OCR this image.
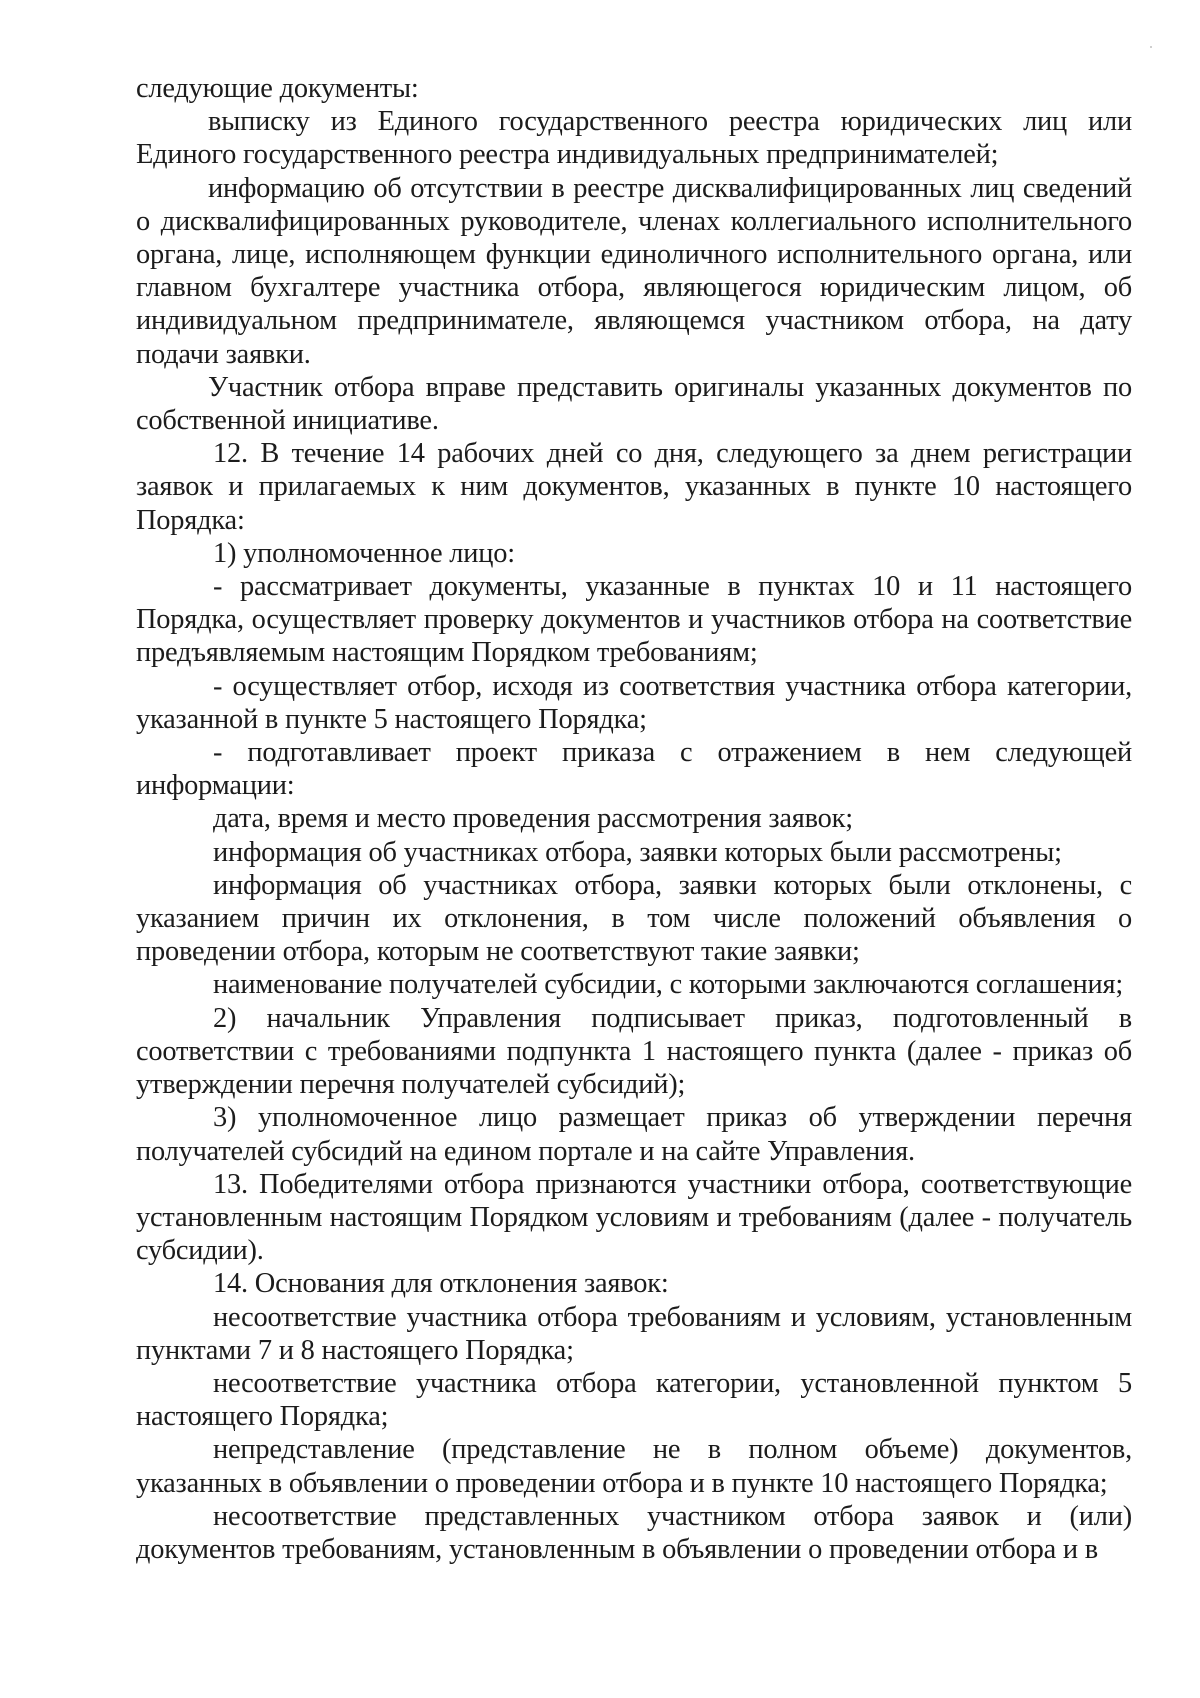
следующие документы:

выписку из Единого государственного реестра юридических лиц или Единого государственного реестра индивидуальных предпринимателей;

информацию об отсутствии в реестре дисквалифицированных лиц сведений о дисквалифицированных руководителе, членах коллегиального исполнительного органа, лице, исполняющем функции единоличного исполнительного органа, или главном бухгалтере участника отбора, являющегося юридическим лицом, об индивидуальном предпринимателе, являющемся участником отбора, на дату подачи заявки.

Участник отбора вправе представить оригиналы указанных документов по собственной инициативе.

12. В течение 14 рабочих дней со дня, следующего за днем регистрации заявок и прилагаемых к ним документов, указанных в пункте 10 настоящего Порядка:

1) уполномоченное лицо:

- рассматривает документы, указанные в пунктах 10 и 11 настоящего Порядка, осуществляет проверку документов и участников отбора на соответствие предъявляемым настоящим Порядком требованиям;

- осуществляет отбор, исходя из соответствия участника отбора категории, указанной в пункте 5 настоящего Порядка;

- подготавливает проект приказа с отражением в нем следующей информации:

дата, время и место проведения рассмотрения заявок;

информация об участниках отбора, заявки которых были рассмотрены;

информация об участниках отбора, заявки которых были отклонены, с указанием причин их отклонения, в том числе положений объявления о проведении отбора, которым не соответствуют такие заявки;

наименование получателей субсидии, с которыми заключаются соглашения;

2) начальник Управления подписывает приказ, подготовленный в соответствии с требованиями подпункта 1 настоящего пункта (далее - приказ об утверждении перечня получателей субсидий);

3) уполномоченное лицо размещает приказ об утверждении перечня получателей субсидий на едином портале и на сайте Управления.

13. Победителями отбора признаются участники отбора, соответствующие установленным настоящим Порядком условиям и требованиям (далее - получатель субсидии).

14. Основания для отклонения заявок:

несоответствие участника отбора требованиям и условиям, установленным пунктами 7 и 8 настоящего Порядка;

несоответствие участника отбора категории, установленной пунктом 5 настоящего Порядка;

непредставление (представление не в полном объеме) документов, указанных в объявлении о проведении отбора и в пункте 10 настоящего Порядка;

несоответствие представленных участником отбора заявок и (или) документов требованиям, установленным в объявлении о проведении отбора и в
